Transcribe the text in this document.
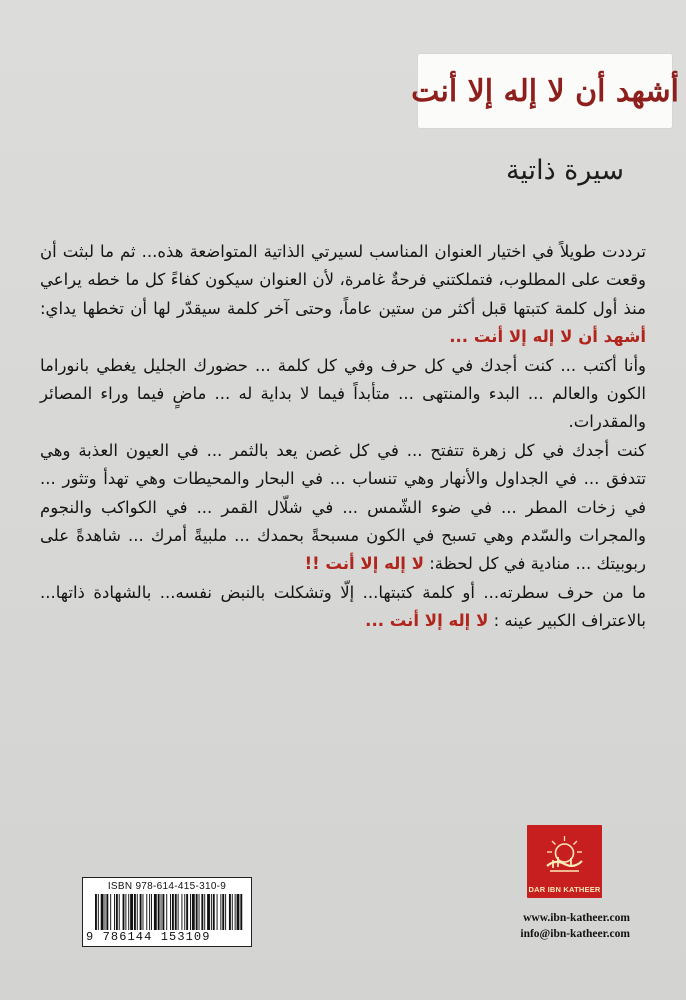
أشهد أن لا إله إلا أنت
سيرة ذاتية

ترددت طويلاً في اختيار العنوان المناسب لسيرتي الذاتية المتواضعة هذه... ثم ما لبثت أن وقعت على المطلوب، فتملكتني فرحةٌ غامرة، لأن العنوان سيكون كفاءً كل ما خطه يراعي منذ أول كلمة كتبتها قبل أكثر من ستين عاماً، وحتى آخر كلمة سيقدّر لها أن تخطها يداي: أشهد أن لا إله إلا أنت ...

وأنا أكتب ... كنت أجدك في كل حرف وفي كل كلمة ... حضورك الجليل يغطي بانوراما الكون والعالم ... البدء والمنتهى ... متأبداً فيما لا بداية له ... ماضٍ فيما وراء المصائر والمقدرات.

كنت أجدك في كل زهرة تتفتح ... في كل غصن يعد بالثمر ... في العيون العذبة وهي تتدفق ... في الجداول والأنهار وهي تنساب ... في البحار والمحيطات وهي تهدأ وتثور ... في زخات المطر ... في ضوء الشّمس ... في شلّال القمر ... في الكواكب والنجوم والمجرات والسّدم وهي تسبح في الكون مسبحةً بحمدك ... ملبيةً أمرك ... شاهدةً على ربوبيتك ... منادية في كل لحظة: لا إله إلا أنت !!

ما من حرف سطرته... أو كلمة كتبتها... إلّا وتشكلت بالنبض نفسه... بالشهادة ذاتها... بالاعتراف الكبير عينه : لا إله إلا أنت ...

DAR IBN KATHEER
ISBN 978-614-415-310-9
9 786144 153109
www.ibn-katheer.com
info@ibn-katheer.com
